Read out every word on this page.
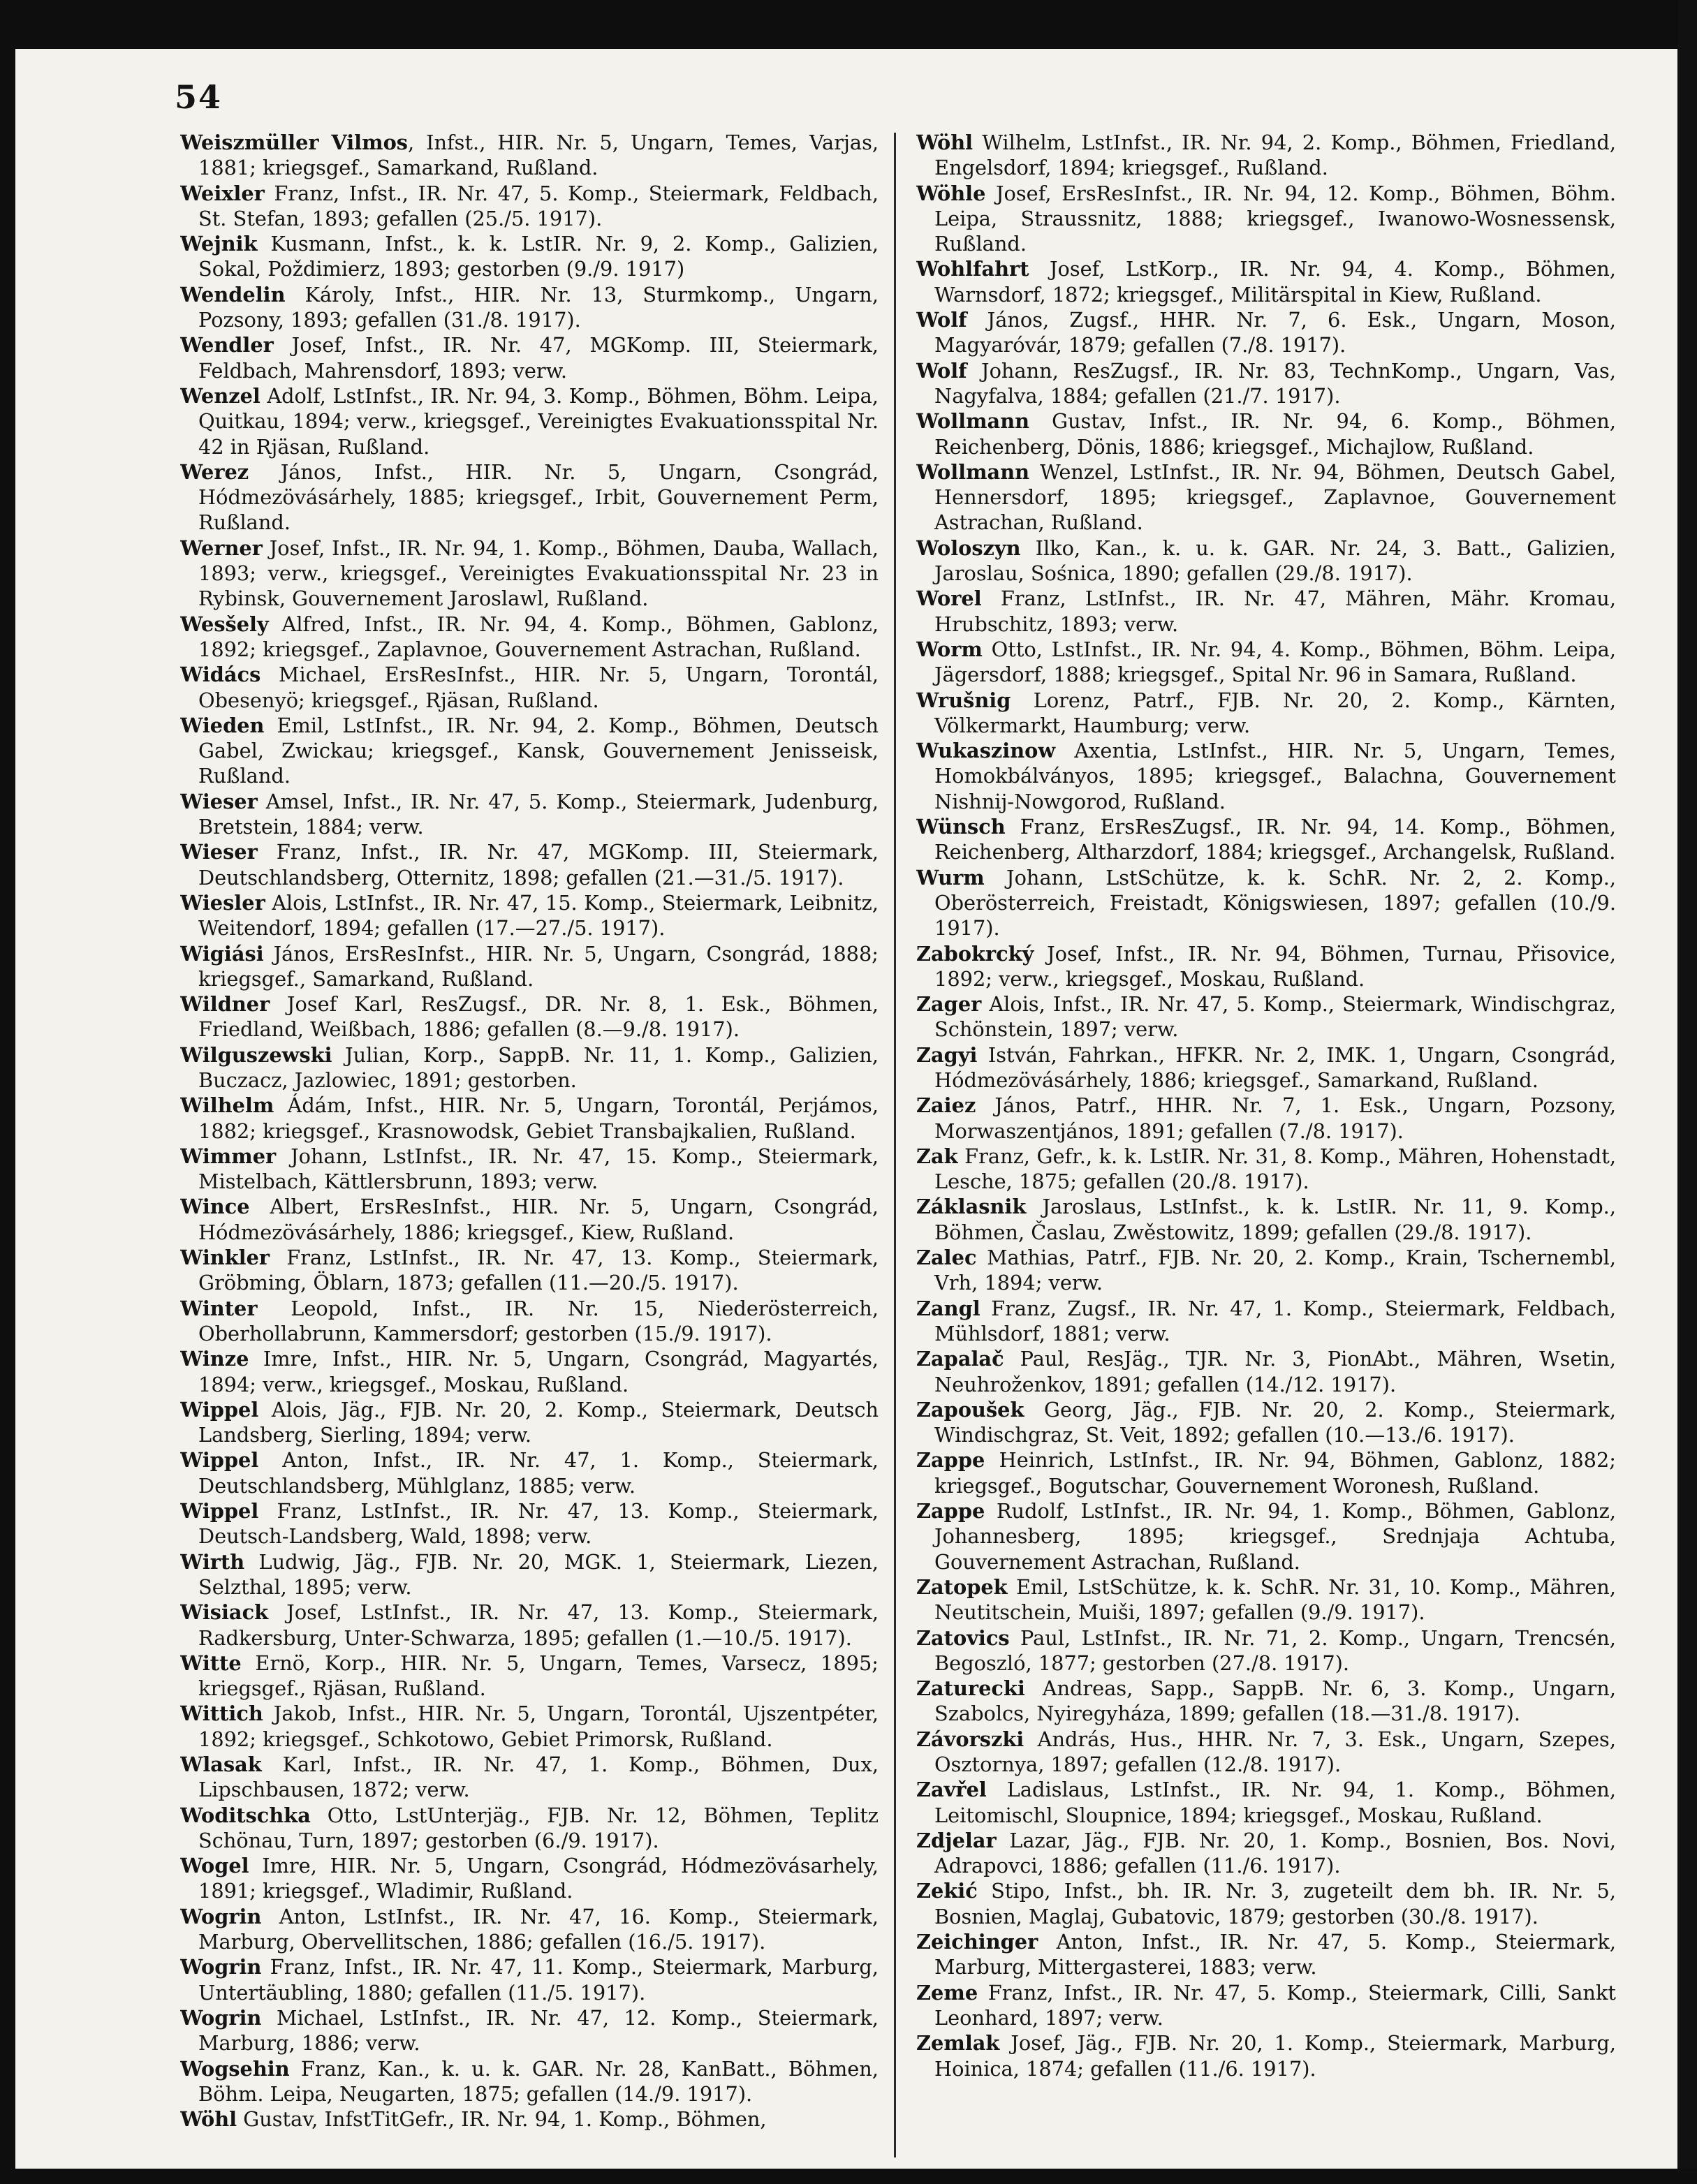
54

Weiszmüller Vilmos, Infst., HIR. Nr. 5, Ungarn, Temes, Varjas, 1881; kriegsgef., Samarkand, Rußland.

Weixler Franz, Infst., IR. Nr. 47, 5. Komp., Steiermark, Feldbach, St. Stefan, 1893; gefallen (25./5. 1917).

Wejnik Kusmann, Infst., k. k. LstIR. Nr. 9, 2. Komp., Galizien, Sokal, Poždimierz, 1893; gestorben (9./9. 1917)

Wendelin Károly, Infst., HIR. Nr. 13, Sturmkomp., Ungarn, Pozsony, 1893; gefallen (31./8. 1917).

Wendler Josef, Infst., IR. Nr. 47, MGKomp. III, Steiermark, Feldbach, Mahrensdorf, 1893; verw.

Wenzel Adolf, LstInfst., IR. Nr. 94, 3. Komp., Böhmen, Böhm. Leipa, Quitkau, 1894; verw., kriegsgef., Vereinigtes Evakuationsspital Nr. 42 in Rjäsan, Rußland.

Werez János, Infst., HIR. Nr. 5, Ungarn, Csongrád, Hódmezövásárhely, 1885; kriegsgef., Irbit, Gouvernement Perm, Rußland.

Werner Josef, Infst., IR. Nr. 94, 1. Komp., Böhmen, Dauba, Wallach, 1893; verw., kriegsgef., Vereinigtes Evakuationsspital Nr. 23 in Rybinsk, Gouvernement Jaroslawl, Rußland.

Wesšely Alfred, Infst., IR. Nr. 94, 4. Komp., Böhmen, Gablonz, 1892; kriegsgef., Zaplavnoe, Gouvernement Astrachan, Rußland.

Widács Michael, ErsResInfst., HIR. Nr. 5, Ungarn, Torontál, Obesenyö; kriegsgef., Rjäsan, Rußland.

Wieden Emil, LstInfst., IR. Nr. 94, 2. Komp., Böhmen, Deutsch Gabel, Zwickau; kriegsgef., Kansk, Gouvernement Jenisseisk, Rußland.

Wieser Amsel, Infst., IR. Nr. 47, 5. Komp., Steiermark, Judenburg, Bretstein, 1884; verw.

Wieser Franz, Infst., IR. Nr. 47, MGKomp. III, Steiermark, Deutschlandsberg, Otternitz, 1898; gefallen (21.—31./5. 1917).

Wiesler Alois, LstInfst., IR. Nr. 47, 15. Komp., Steiermark, Leibnitz, Weitendorf, 1894; gefallen (17.—27./5. 1917).

Wigiási János, ErsResInfst., HIR. Nr. 5, Ungarn, Csongrád, 1888; kriegsgef., Samarkand, Rußland.

Wildner Josef Karl, ResZugsf., DR. Nr. 8, 1. Esk., Böhmen, Friedland, Weißbach, 1886; gefallen (8.—9./8. 1917).

Wilguszewski Julian, Korp., SappB. Nr. 11, 1. Komp., Galizien, Buczacz, Jazlowiec, 1891; gestorben.

Wilhelm Ádám, Infst., HIR. Nr. 5, Ungarn, Torontál, Perjámos, 1882; kriegsgef., Krasnowodsk, Gebiet Transbajkalien, Rußland.

Wimmer Johann, LstInfst., IR. Nr. 47, 15. Komp., Steiermark, Mistelbach, Kättlersbrunn, 1893; verw.

Wince Albert, ErsResInfst., HIR. Nr. 5, Ungarn, Csongrád, Hódmezövásárhely, 1886; kriegsgef., Kiew, Rußland.

Winkler Franz, LstInfst., IR. Nr. 47, 13. Komp., Steiermark, Gröbming, Öblarn, 1873; gefallen (11.—20./5. 1917).

Winter Leopold, Infst., IR. Nr. 15, Niederösterreich, Oberhollabrunn, Kammersdorf; gestorben (15./9. 1917).

Winze Imre, Infst., HIR. Nr. 5, Ungarn, Csongrád, Magyartés, 1894; verw., kriegsgef., Moskau, Rußland.

Wippel Alois, Jäg., FJB. Nr. 20, 2. Komp., Steiermark, Deutsch Landsberg, Sierling, 1894; verw.

Wippel Anton, Infst., IR. Nr. 47, 1. Komp., Steiermark, Deutschlandsberg, Mühlglanz, 1885; verw.

Wippel Franz, LstInfst., IR. Nr. 47, 13. Komp., Steiermark, Deutsch-Landsberg, Wald, 1898; verw.

Wirth Ludwig, Jäg., FJB. Nr. 20, MGK. 1, Steiermark, Liezen, Selzthal, 1895; verw.

Wisiack Josef, LstInfst., IR. Nr. 47, 13. Komp., Steiermark, Radkersburg, Unter-Schwarza, 1895; gefallen (1.—10./5. 1917).

Witte Ernö, Korp., HIR. Nr. 5, Ungarn, Temes, Varsecz, 1895; kriegsgef., Rjäsan, Rußland.

Wittich Jakob, Infst., HIR. Nr. 5, Ungarn, Torontál, Ujszentpéter, 1892; kriegsgef., Schkotowo, Gebiet Primorsk, Rußland.

Wlasak Karl, Infst., IR. Nr. 47, 1. Komp., Böhmen, Dux, Lipschbausen, 1872; verw.

Woditschka Otto, LstUnterjäg., FJB. Nr. 12, Böhmen, Teplitz Schönau, Turn, 1897; gestorben (6./9. 1917).

Wogel Imre, HIR. Nr. 5, Ungarn, Csongrád, Hódmezövásarhely, 1891; kriegsgef., Wladimir, Rußland.

Wogrin Anton, LstInfst., IR. Nr. 47, 16. Komp., Steiermark, Marburg, Obervellitschen, 1886; gefallen (16./5. 1917).

Wogrin Franz, Infst., IR. Nr. 47, 11. Komp., Steiermark, Marburg, Untertäubling, 1880; gefallen (11./5. 1917).

Wogrin Michael, LstInfst., IR. Nr. 47, 12. Komp., Steiermark, Marburg, 1886; verw.

Wogsehin Franz, Kan., k. u. k. GAR. Nr. 28, KanBatt., Böhmen, Böhm. Leipa, Neugarten, 1875; gefallen (14./9. 1917).

Wöhl Gustav, InfstTitGefr., IR. Nr. 94, 1. Komp., Böhmen,

Wöhl Wilhelm, LstInfst., IR. Nr. 94, 2. Komp., Böhmen, Friedland, Engelsdorf, 1894; kriegsgef., Rußland.

Wöhle Josef, ErsResInfst., IR. Nr. 94, 12. Komp., Böhmen, Böhm. Leipa, Straussnitz, 1888; kriegsgef., Iwanowo-Wosnessensk, Rußland.

Wohlfahrt Josef, LstKorp., IR. Nr. 94, 4. Komp., Böhmen, Warnsdorf, 1872; kriegsgef., Militärspital in Kiew, Rußland.

Wolf János, Zugsf., HHR. Nr. 7, 6. Esk., Ungarn, Moson, Magyaróvár, 1879; gefallen (7./8. 1917).

Wolf Johann, ResZugsf., IR. Nr. 83, TechnKomp., Ungarn, Vas, Nagyfalva, 1884; gefallen (21./7. 1917).

Wollmann Gustav, Infst., IR. Nr. 94, 6. Komp., Böhmen, Reichenberg, Dönis, 1886; kriegsgef., Michajlow, Rußland.

Wollmann Wenzel, LstInfst., IR. Nr. 94, Böhmen, Deutsch Gabel, Hennersdorf, 1895; kriegsgef., Zaplavnoe, Gouvernement Astrachan, Rußland.

Woloszyn Ilko, Kan., k. u. k. GAR. Nr. 24, 3. Batt., Galizien, Jaroslau, Sośnica, 1890; gefallen (29./8. 1917).

Worel Franz, LstInfst., IR. Nr. 47, Mähren, Mähr. Kromau, Hrubschitz, 1893; verw.

Worm Otto, LstInfst., IR. Nr. 94, 4. Komp., Böhmen, Böhm. Leipa, Jägersdorf, 1888; kriegsgef., Spital Nr. 96 in Samara, Rußland.

Wrušnig Lorenz, Patrf., FJB. Nr. 20, 2. Komp., Kärnten, Völkermarkt, Haumburg; verw.

Wukaszinow Axentia, LstInfst., HIR. Nr. 5, Ungarn, Temes, Homokbálványos, 1895; kriegsgef., Balachna, Gouvernement Nishnij-Nowgorod, Rußland.

Wünsch Franz, ErsResZugsf., IR. Nr. 94, 14. Komp., Böhmen, Reichenberg, Altharzdorf, 1884; kriegsgef., Archangelsk, Rußland.

Wurm Johann, LstSchütze, k. k. SchR. Nr. 2, 2. Komp., Oberösterreich, Freistadt, Königswiesen, 1897; gefallen (10./9. 1917).

Zabokrcký Josef, Infst., IR. Nr. 94, Böhmen, Turnau, Přisovice, 1892; verw., kriegsgef., Moskau, Rußland.

Zager Alois, Infst., IR. Nr. 47, 5. Komp., Steiermark, Windischgraz, Schönstein, 1897; verw.

Zagyi István, Fahrkan., HFKR. Nr. 2, IMK. 1, Ungarn, Csongrád, Hódmezövásárhely, 1886; kriegsgef., Samarkand, Rußland.

Zaiez János, Patrf., HHR. Nr. 7, 1. Esk., Ungarn, Pozsony, Morwaszentjános, 1891; gefallen (7./8. 1917).

Zak Franz, Gefr., k. k. LstIR. Nr. 31, 8. Komp., Mähren, Hohenstadt, Lesche, 1875; gefallen (20./8. 1917).

Záklasnik Jaroslaus, LstInfst., k. k. LstIR. Nr. 11, 9. Komp., Böhmen, Časlau, Zwěstowitz, 1899; gefallen (29./8. 1917).

Zalec Mathias, Patrf., FJB. Nr. 20, 2. Komp., Krain, Tschernembl, Vrh, 1894; verw.

Zangl Franz, Zugsf., IR. Nr. 47, 1. Komp., Steiermark, Feldbach, Mühlsdorf, 1881; verw.

Zapalač Paul, ResJäg., TJR. Nr. 3, PionAbt., Mähren, Wsetin, Neuhroženkov, 1891; gefallen (14./12. 1917).

Zapoušek Georg, Jäg., FJB. Nr. 20, 2. Komp., Steiermark, Windischgraz, St. Veit, 1892; gefallen (10.—13./6. 1917).

Zappe Heinrich, LstInfst., IR. Nr. 94, Böhmen, Gablonz, 1882; kriegsgef., Bogutschar, Gouvernement Woronesh, Rußland.

Zappe Rudolf, LstInfst., IR. Nr. 94, 1. Komp., Böhmen, Gablonz, Johannesberg, 1895; kriegsgef., Srednjaja Achtuba, Gouvernement Astrachan, Rußland.

Zatopek Emil, LstSchütze, k. k. SchR. Nr. 31, 10. Komp., Mähren, Neutitschein, Muiši, 1897; gefallen (9./9. 1917).

Zatovics Paul, LstInfst., IR. Nr. 71, 2. Komp., Ungarn, Trencsén, Begoszló, 1877; gestorben (27./8. 1917).

Zaturecki Andreas, Sapp., SappB. Nr. 6, 3. Komp., Ungarn, Szabolcs, Nyiregyháza, 1899; gefallen (18.—31./8. 1917).

Závorszki András, Hus., HHR. Nr. 7, 3. Esk., Ungarn, Szepes, Osztornya, 1897; gefallen (12./8. 1917).

Zavřel Ladislaus, LstInfst., IR. Nr. 94, 1. Komp., Böhmen, Leitomischl, Sloupnice, 1894; kriegsgef., Moskau, Rußland.

Zdjelar Lazar, Jäg., FJB. Nr. 20, 1. Komp., Bosnien, Bos. Novi, Adrapovci, 1886; gefallen (11./6. 1917).

Zekić Stipo, Infst., bh. IR. Nr. 3, zugeteilt dem bh. IR. Nr. 5, Bosnien, Maglaj, Gubatovic, 1879; gestorben (30./8. 1917).

Zeichinger Anton, Infst., IR. Nr. 47, 5. Komp., Steiermark, Marburg, Mittergasterei, 1883; verw.

Zeme Franz, Infst., IR. Nr. 47, 5. Komp., Steiermark, Cilli, Sankt Leonhard, 1897; verw.

Zemlak Josef, Jäg., FJB. Nr. 20, 1. Komp., Steiermark, Marburg, Hoinica, 1874; gefallen (11./6. 1917).
